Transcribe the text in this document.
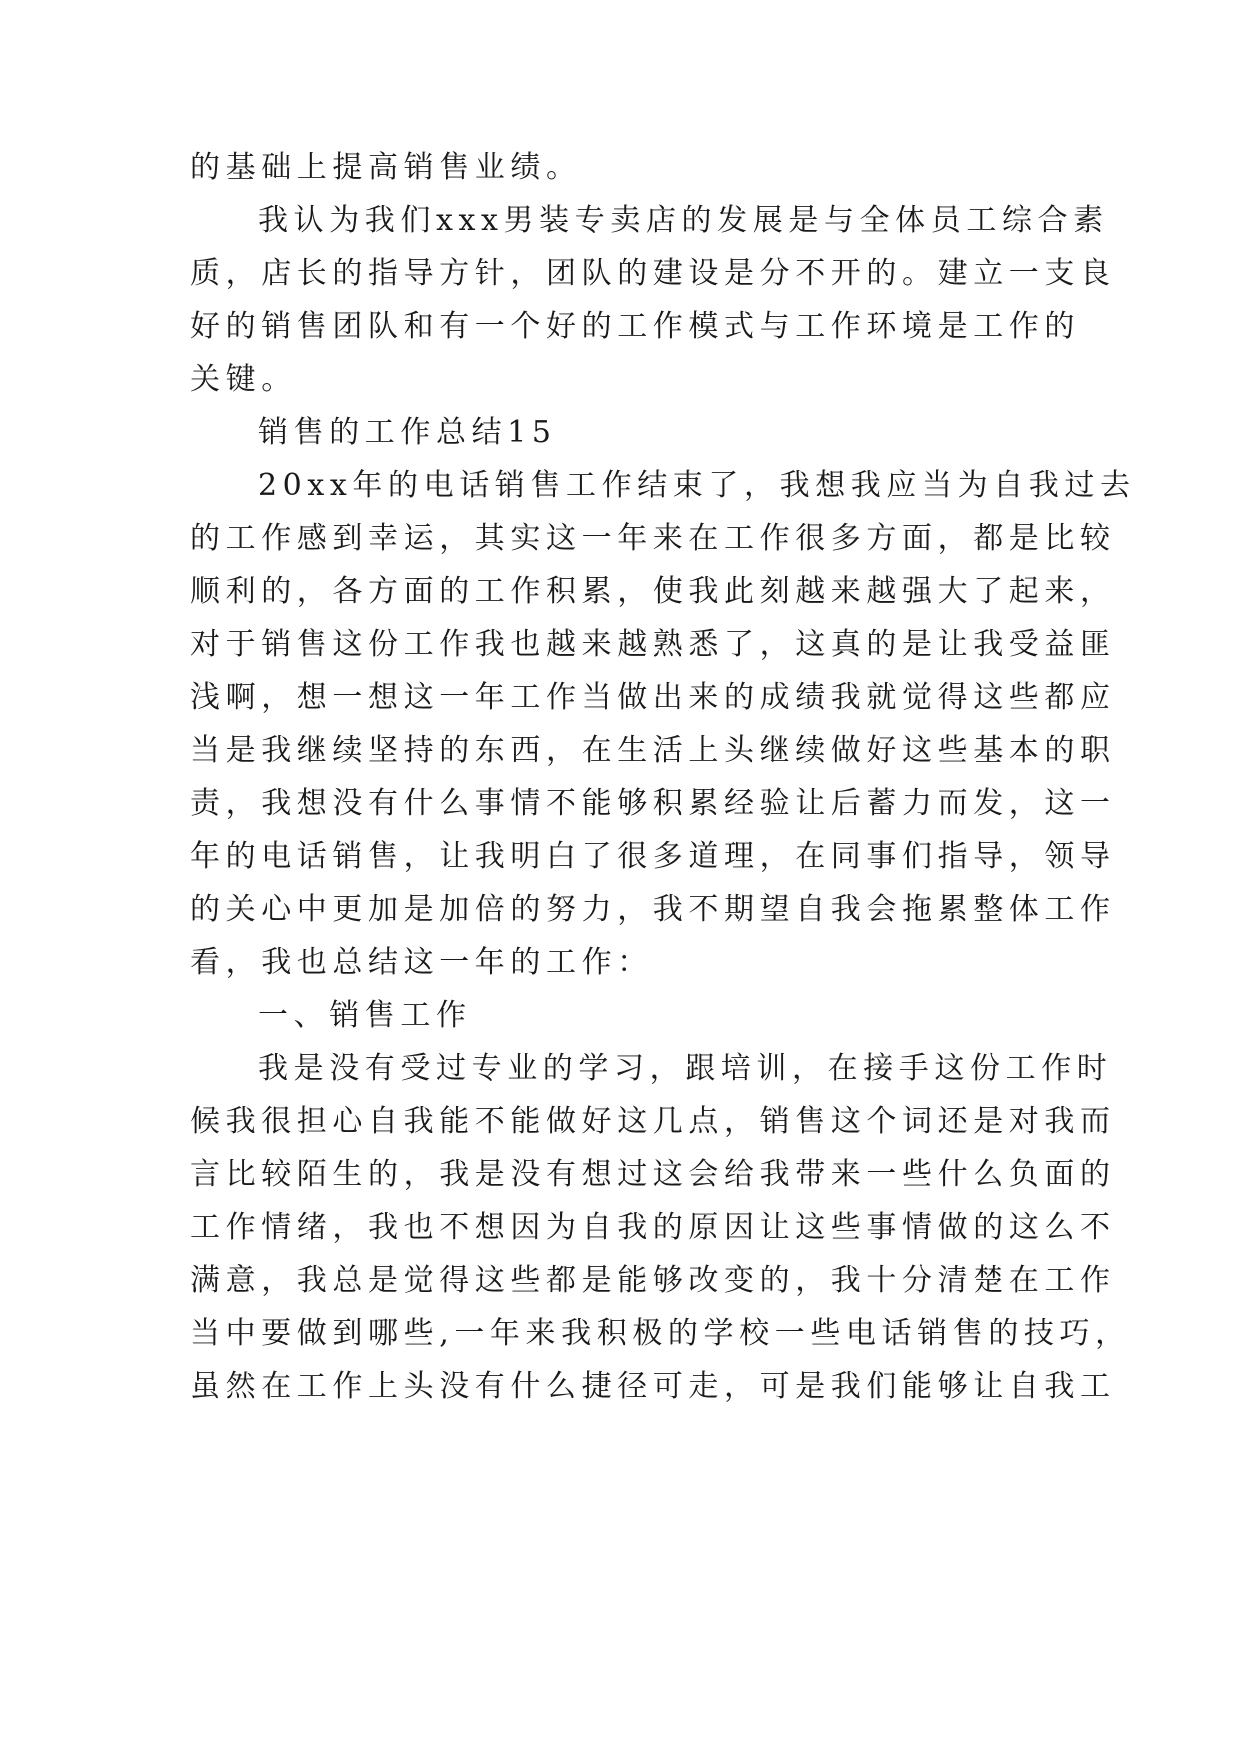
的基础上提高销售业绩。
我认为我们xxx男装专卖店的发展是与全体员工综合素
质，店长的指导方针，团队的建设是分不开的。建立一支良
好的销售团队和有一个好的工作模式与工作环境是工作的
关键。
销售的工作总结15
20xx年的电话销售工作结束了，我想我应当为自我过去
的工作感到幸运，其实这一年来在工作很多方面，都是比较
顺利的，各方面的工作积累，使我此刻越来越强大了起来，
对于销售这份工作我也越来越熟悉了，这真的是让我受益匪
浅啊，想一想这一年工作当做出来的成绩我就觉得这些都应
当是我继续坚持的东西，在生活上头继续做好这些基本的职
责，我想没有什么事情不能够积累经验让后蓄力而发，这一
年的电话销售，让我明白了很多道理，在同事们指导，领导
的关心中更加是加倍的努力，我不期望自我会拖累整体工作
看，我也总结这一年的工作：
一、销售工作
我是没有受过专业的学习，跟培训，在接手这份工作时
候我很担心自我能不能做好这几点，销售这个词还是对我而
言比较陌生的，我是没有想过这会给我带来一些什么负面的
工作情绪，我也不想因为自我的原因让这些事情做的这么不
满意，我总是觉得这些都是能够改变的，我十分清楚在工作
当中要做到哪些,一年来我积极的学校一些电话销售的技巧，
虽然在工作上头没有什么捷径可走，可是我们能够让自我工
